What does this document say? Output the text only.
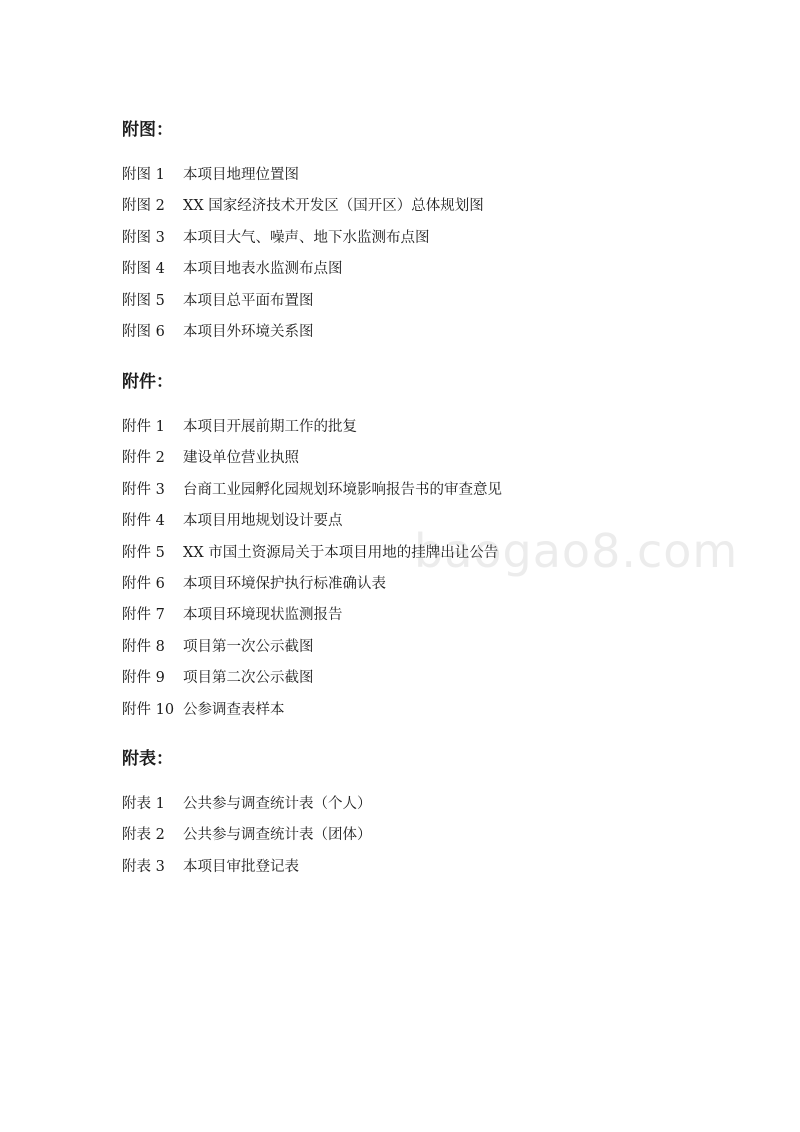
baogao8.com
附图：
附图 1	本项目地理位置图
附图 2	XX 国家经济技术开发区（国开区）总体规划图
附图 3	本项目大气、噪声、地下水监测布点图
附图 4	本项目地表水监测布点图
附图 5	本项目总平面布置图
附图 6	本项目外环境关系图
附件：
附件 1	本项目开展前期工作的批复
附件 2	建设单位营业执照
附件 3	台商工业园孵化园规划环境影响报告书的审查意见
附件 4	本项目用地规划设计要点
附件 5	XX 市国土资源局关于本项目用地的挂牌出让公告
附件 6	本项目环境保护执行标准确认表
附件 7	本项目环境现状监测报告
附件 8	项目第一次公示截图
附件 9	项目第二次公示截图
附件 10 公参调查表样本
附表：
附表 1	公共参与调查统计表（个人）
附表 2	公共参与调查统计表（团体）
附表 3	本项目审批登记表
